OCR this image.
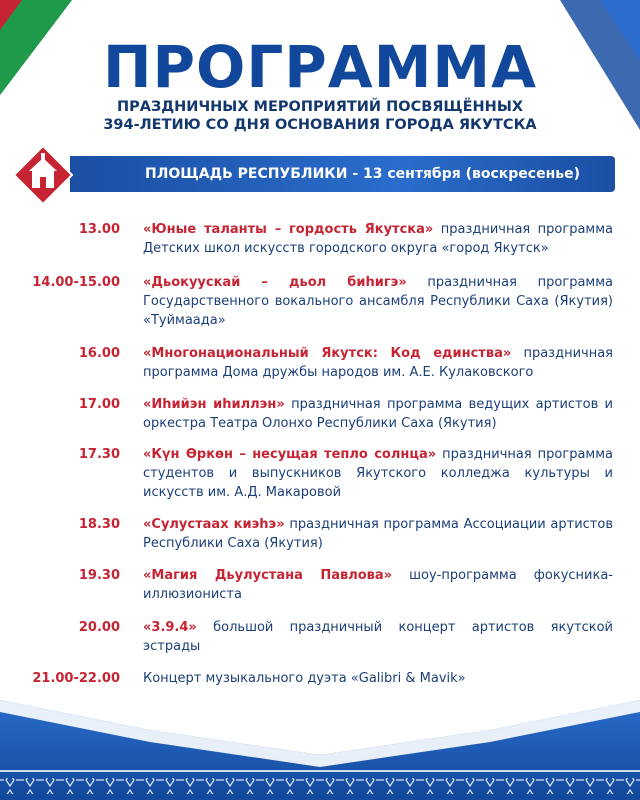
ПРОГРАММА
ПРАЗДНИЧНЫХ МЕРОПРИЯТИЙ ПОСВЯЩЁННЫХ
394-ЛЕТИЮ СО ДНЯ ОСНОВАНИЯ ГОРОДА ЯКУТСКА
ПЛОЩАДЬ РЕСПУБЛИКИ - 13 сентября (воскресенье)
13.00 «Юные таланты – гордость Якутска» праздничная программа Детских школ искусств городского округа «город Якутск»
14.00-15.00 «Дьокуускай – дьол биһигэ» праздничная программа Государственного вокального ансамбля Республики Саха (Якутия) «Туймаада»
16.00 «Многонациональный Якутск: Код единства» праздничная программа Дома дружбы народов им. А.Е. Кулаковского
17.00 «Иһийэн иһиллэн» праздничная программа ведущих артистов и оркестра Театра Олонхо Республики Саха (Якутия)
17.30 «Күн Өркөн – несущая тепло солнца» праздничная программа студентов и выпускников Якутского колледжа культуры и искусств им. А.Д. Макаровой
18.30 «Сулустаах киэһэ» праздничная программа Ассоциации артистов Республики Саха (Якутия)
19.30 «Магия Дьулустана Павлова» шоу-программа фокусника-иллюзиониста
20.00 «3.9.4» большой праздничный концерт артистов якутской эстрады
21.00-22.00 Концерт музыкального дуэта «Galibri & Mavik»
